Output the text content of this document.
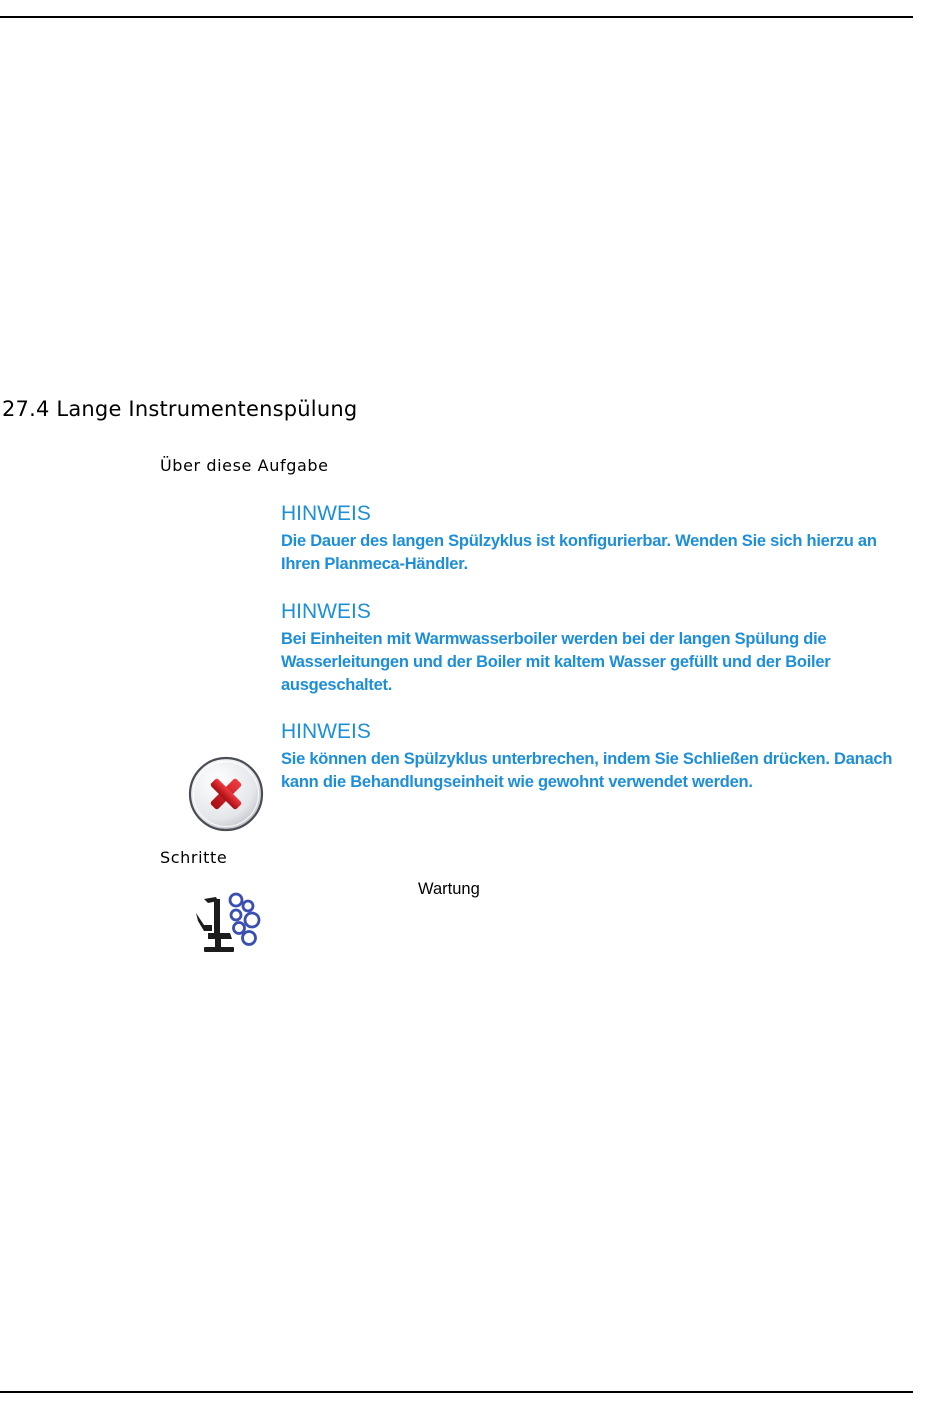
27.4 Lange Instrumentenspülung
Über diese Aufgabe

HINWEIS

Die Dauer des langen Spülzyklus ist konfigurierbar. Wenden Sie sich hierzu an Ihren Planmeca-Händler.

HINWEIS

Bei Einheiten mit Warmwasserboiler werden bei der langen Spülung die Wasserleitungen und der Boiler mit kaltem Wasser gefüllt und der Boiler ausgeschaltet.

HINWEIS

Sie können den Spülzyklus unterbrechen, indem Sie Schließen drücken. Danach kann die Behandlungseinheit wie gewohnt verwendet werden.

Schritte
Wartung
